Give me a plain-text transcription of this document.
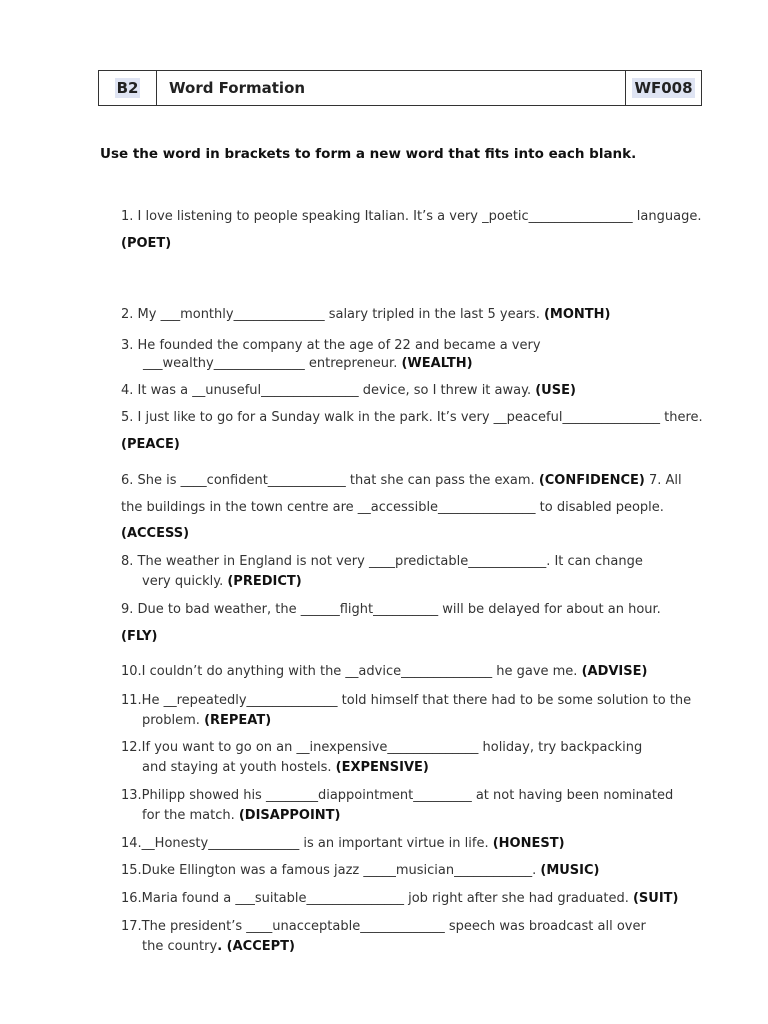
B2 Word Formation	WF008
Use the word in brackets to form a new word that fits into each blank.
1. I love listening to people speaking Italian. It’s a very _poetic________________ language.
(POET)
2. My ___monthly______________ salary tripled in the last 5 years. (MONTH)
3. He founded the company at the age of 22 and became a very
___wealthy______________ entrepreneur. (WEALTH)
4. It was a __unuseful_______________ device, so I threw it away. (USE)
5. I just like to go for a Sunday walk in the park. It’s very __peaceful_______________ there.
(PEACE)
6. She is ____confident____________ that she can pass the exam. (CONFIDENCE) 7. All
the buildings in the town centre are __accessible_______________ to disabled people.
(ACCESS)
8. The weather in England is not very ____predictable____________. It can change
very quickly. (PREDICT)
9. Due to bad weather, the ______flight__________ will be delayed for about an hour.
(FLY)
10.I couldn’t do anything with the __advice______________ he gave me. (ADVISE)
11.He __repeatedly______________ told himself that there had to be some solution to the
problem. (REPEAT)
12.If you want to go on an __inexpensive______________ holiday, try backpacking
and staying at youth hostels. (EXPENSIVE)
13.Philipp showed his ________diappointment_________ at not having been nominated
for the match. (DISAPPOINT)
14.__Honesty______________ is an important virtue in life. (HONEST)
15.Duke Ellington was a famous jazz _____musician____________. (MUSIC)
16.Maria found a ___suitable_______________ job right after she had graduated. (SUIT)
17.The president’s ____unacceptable_____________ speech was broadcast all over
the country. (ACCEPT)
